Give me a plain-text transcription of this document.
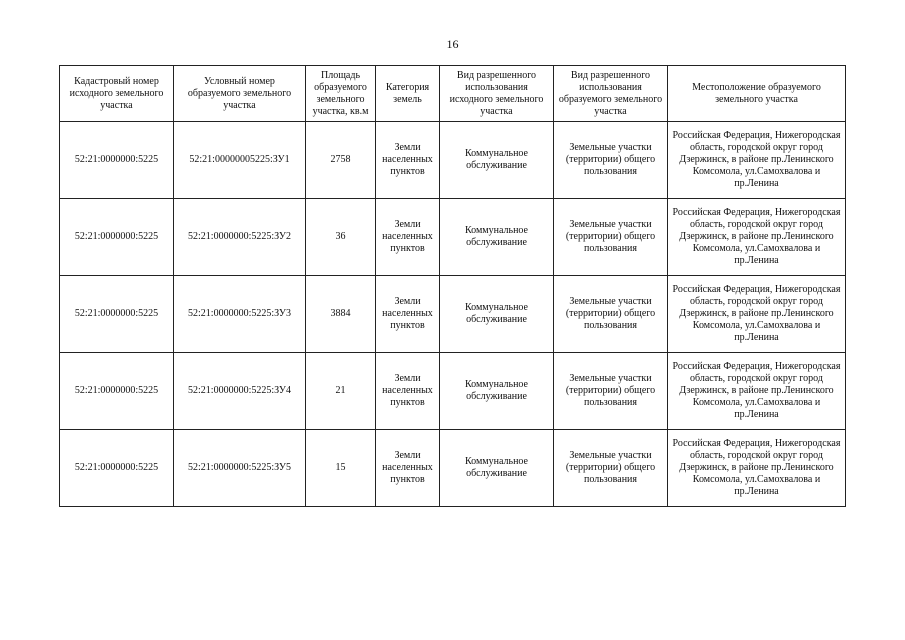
16
Кадастровый номер исходного земельного участка	Условный номер образуемого земельного участка	Площадь образуемого земельного участка, кв.м	Категория земель	Вид разрешенного использования исходного земельного участка	Вид разрешенного использования образуемого земельного участка	Местоположение образуемого земельного участка
52:21:0000000:5225	52:21:00000005225:ЗУ1	2758	Земли населенных пунктов	Коммунальное обслуживание	Земельные участки (территории) общего пользования	Российская Федерация, Нижегородская область, городской округ город Дзержинск, в районе пр.Ленинского Комсомола, ул.Самохвалова и пр.Ленина
52:21:0000000:5225	52:21:0000000:5225:ЗУ2	36	Земли населенных пунктов	Коммунальное обслуживание	Земельные участки (территории) общего пользования	Российская Федерация, Нижегородская область, городской округ город Дзержинск, в районе пр.Ленинского Комсомола, ул.Самохвалова и пр.Ленина
52:21:0000000:5225	52:21:0000000:5225:ЗУ3	3884	Земли населенных пунктов	Коммунальное обслуживание	Земельные участки (территории) общего пользования	Российская Федерация, Нижегородская область, городской округ город Дзержинск, в районе пр.Ленинского Комсомола, ул.Самохвалова и пр.Ленина
52:21:0000000:5225	52:21:0000000:5225:ЗУ4	21	Земли населенных пунктов	Коммунальное обслуживание	Земельные участки (территории) общего пользования	Российская Федерация, Нижегородская область, городской округ город Дзержинск, в районе пр.Ленинского Комсомола, ул.Самохвалова и пр.Ленина
52:21:0000000:5225	52:21:0000000:5225:ЗУ5	15	Земли населенных пунктов	Коммунальное обслуживание	Земельные участки (территории) общего пользования	Российская Федерация, Нижегородская область, городской округ город Дзержинск, в районе пр.Ленинского Комсомола, ул.Самохвалова и пр.Ленина
